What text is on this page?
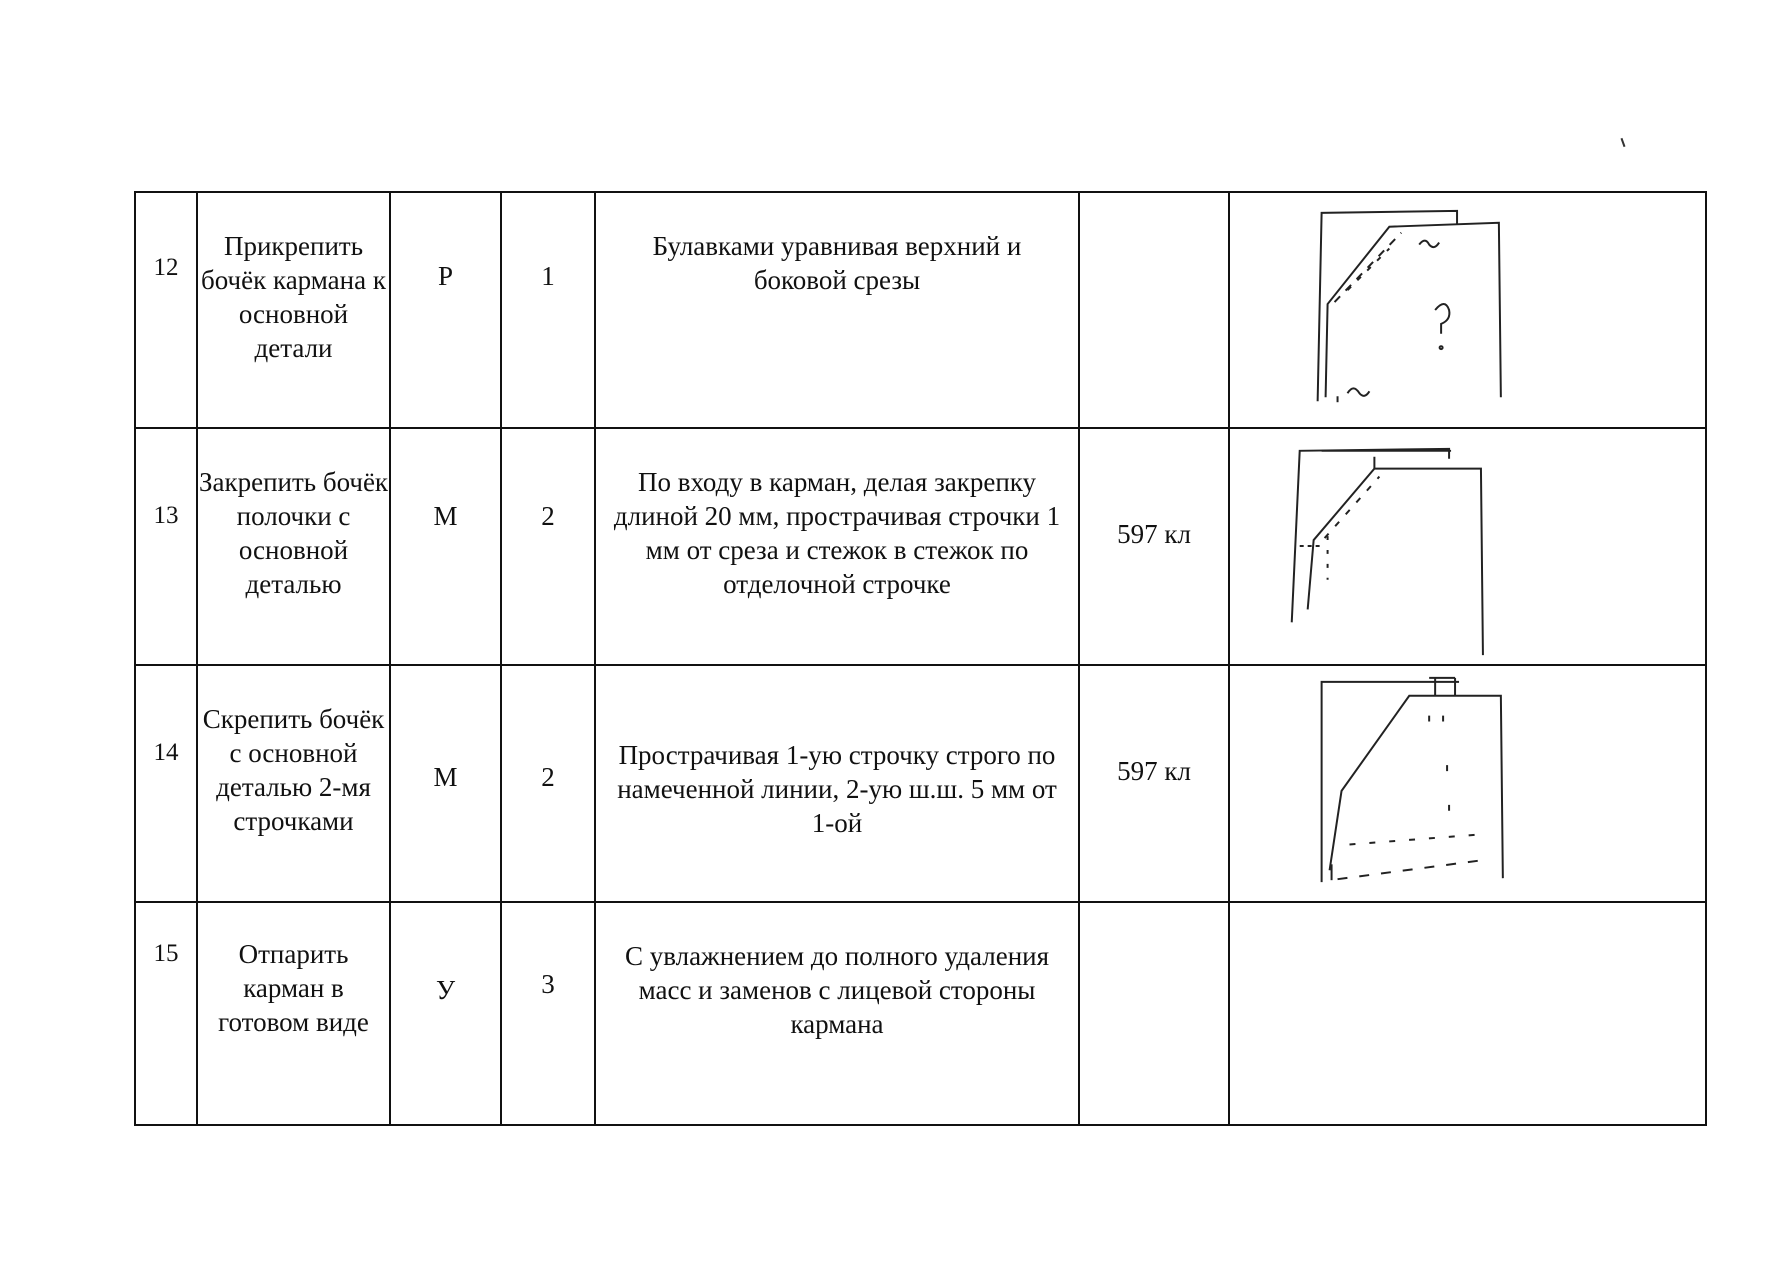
12	Прикрепить бочёк кармана к основной детали	Р	1	Булавками уравнивая верхний и боковой срезы

13	Закрепить бочёк полочки с основной деталью	М	2	По входу в карман, делая закрепку длиной 20 мм, прострачивая строчки 1 мм от среза и стежок в стежок по отделочной строчке	597 кл

14	Скрепить бочёк с основной деталью 2-мя строчками	М	2	Прострачивая 1-ую строчку строго по намеченной линии, 2-ую ш.ш. 5 мм от 1-ой	597 кл

15	Отпарить карман в готовом виде	У	3	С увлажнением до полного удаления масс и заменов с лицевой стороны кармана		
